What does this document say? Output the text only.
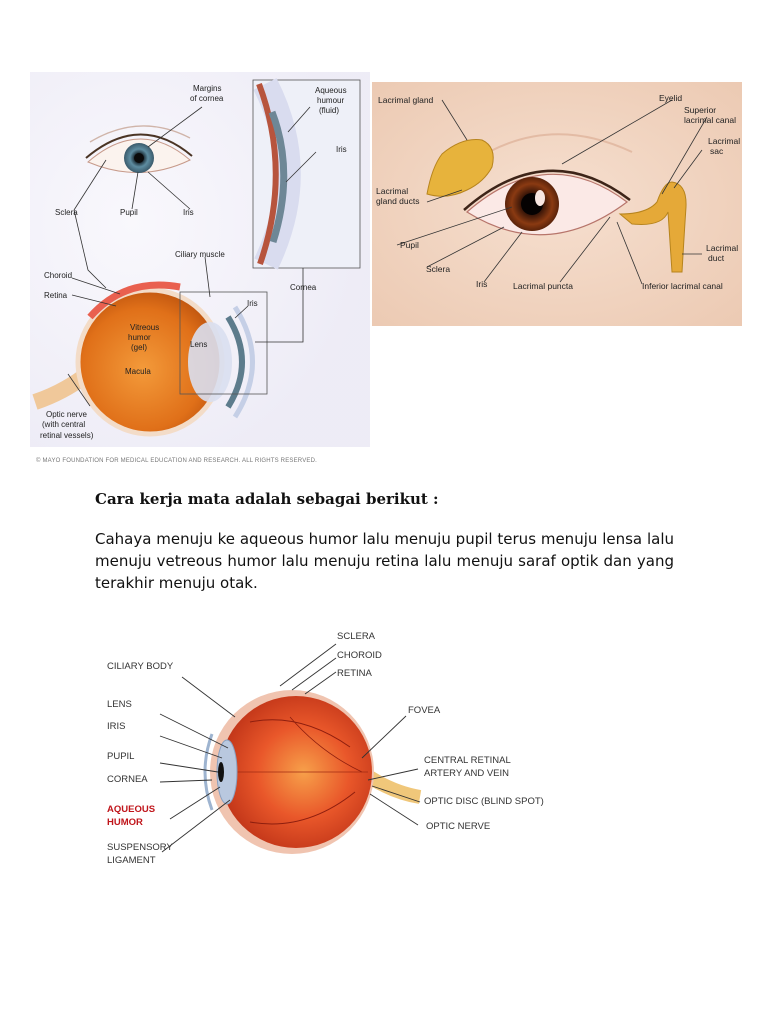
Margins
of cornea
Aqueous
humour
(fluid)
Iris
Sclera	Pupil	Iris
Ciliary muscle
Cornea
Choroid
Retina
Iris
Vitreous
humor
(gel)	Lens
Macula
Optic nerve
(with central
retinal vessels)
© MAYO FOUNDATION FOR MEDICAL EDUCATION AND RESEARCH. ALL RIGHTS RESERVED.
Lacrimal gland	Eyelid
Superior
lacrimal canal
Lacrimal
sac
Lacrimal
gland ducts
Pupil
Sclera
Iris	Lacrimal puncta	Inferior lacrimal canal
Lacrimal
duct

Cara kerja mata adalah sebagai berikut :

Cahaya menuju ke aqueous humor lalu menuju pupil terus menuju lensa lalu menuju vetreous humor lalu menuju retina lalu menuju saraf optik dan yang terakhir menuju otak.

SCLERA
CHOROID
RETINA
CILIARY BODY
LENS
IRIS
FOVEA
PUPIL	CENTRAL RETINAL
ARTERY AND VEIN
CORNEA
OPTIC DISC (BLIND SPOT)
AQUEOUS
HUMOR	OPTIC NERVE
SUSPENSORY
LIGAMENT
